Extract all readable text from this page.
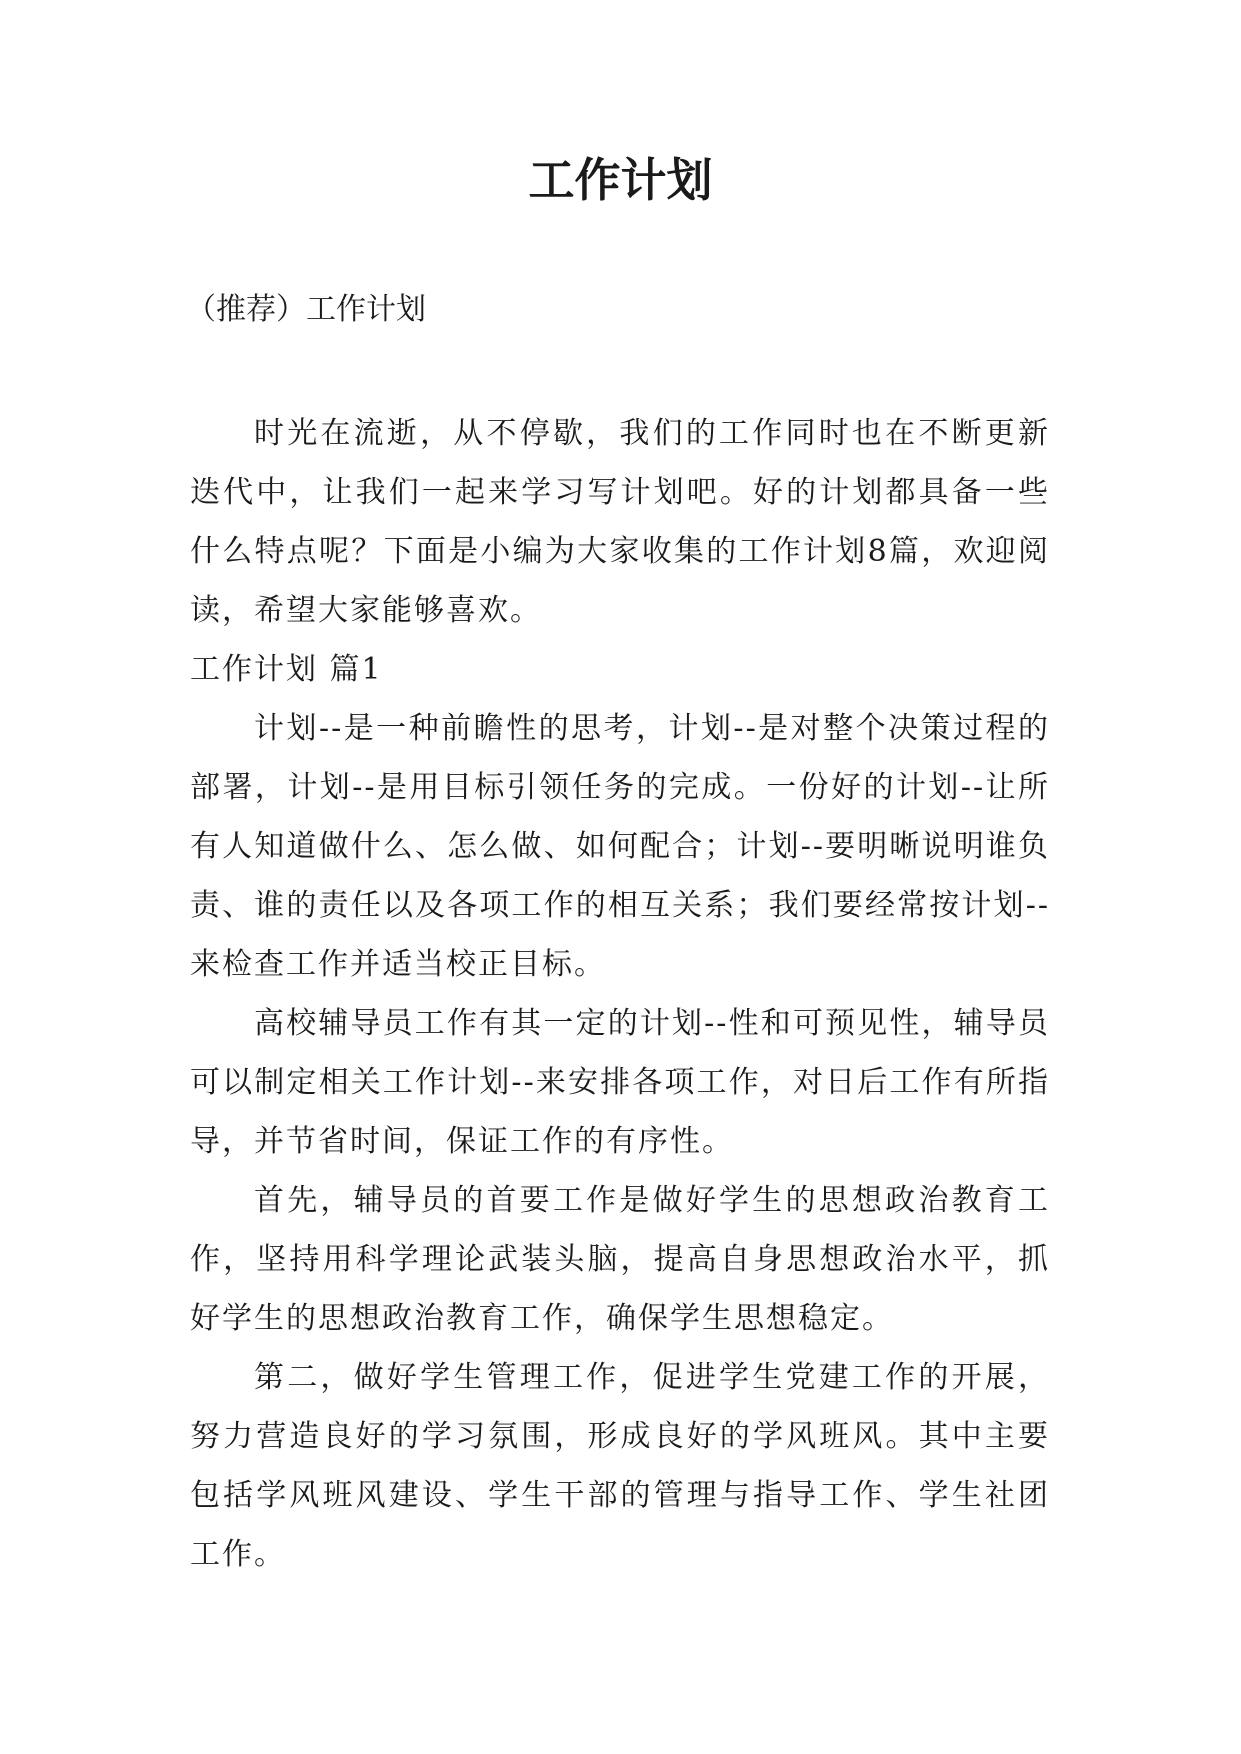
工作计划

（推荐）工作计划

时光在流逝，从不停歇，我们的工作同时也在不断更新迭代中，让我们一起来学习写计划吧。好的计划都具备一些什么特点呢？下面是小编为大家收集的工作计划8篇，欢迎阅读，希望大家能够喜欢。

工作计划 篇1

计划--是一种前瞻性的思考，计划--是对整个决策过程的部署，计划--是用目标引领任务的完成。一份好的计划--让所有人知道做什么、怎么做、如何配合；计划--要明晰说明谁负责、谁的责任以及各项工作的相互关系；我们要经常按计划--来检查工作并适当校正目标。

高校辅导员工作有其一定的计划--性和可预见性，辅导员可以制定相关工作计划--来安排各项工作，对日后工作有所指导，并节省时间，保证工作的有序性。

首先，辅导员的首要工作是做好学生的思想政治教育工作，坚持用科学理论武装头脑，提高自身思想政治水平，抓好学生的思想政治教育工作，确保学生思想稳定。

第二，做好学生管理工作，促进学生党建工作的开展，努力营造良好的学习氛围，形成良好的学风班风。其中主要包括学风班风建设、学生干部的管理与指导工作、学生社团工作。
